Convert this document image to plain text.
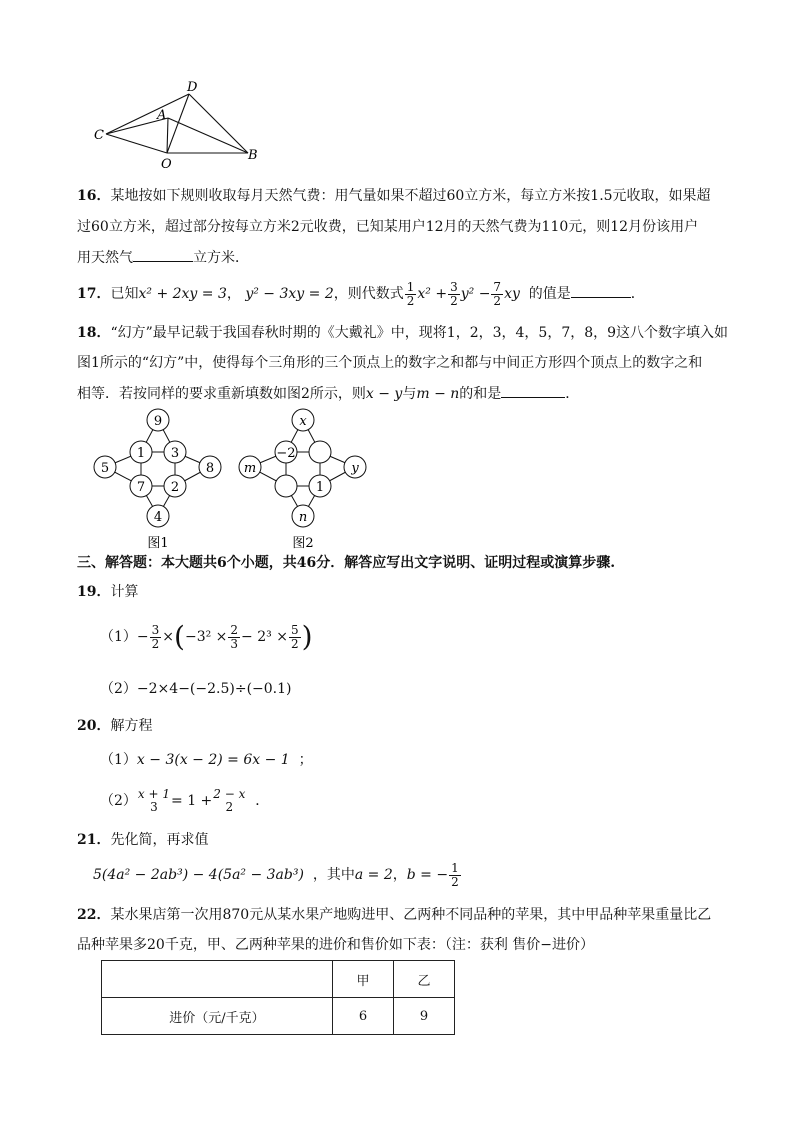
D
A
C
O
B
16．某地按如下规则收取每月天然气费：用气量如果不超过60立方米，每立方米按1.5元收取，如果超
过60立方米，超过部分按每立方米2元收费，已知某用户12月的天然气费为110元，则12月份该用户
用天然气	立方米．
17．已知x² + 2xy = 3， y² − 3xy = 2，则代数式 $\frac{1}{2} x^2 + \frac{3}{2} y^2 - \frac{7}{2}$ xy 的值是	．
18．“幻方”最早记载于我国春秋时期的《大戴礼》中，现将1，2，3，4，5，7，8，9这八个数字填入如
图1所示的“幻方”中，使得每个三角形的三个顶点上的数字之和都与中间正方形四个顶点上的数字之和
相等．若按同样的要求重新填数如图2所示，则x − y与m − n的和是	．
9
1 3
5	8
7 2
4
图1
x
−2
m	y
1
n
图2
三、解答题：本大题共6个小题，共46分．解答应写出文字说明、证明过程或演算步骤.
19．计算
$(1)- \frac{3}{2} \times(-3^2 \times \frac{2}{3} - 2^3 \times \frac{5}{2}$ )
（2）−2×4−(−2.5)÷(−0.1)
20．解方程
（1）x − 3(x − 2) = 6x − 1 ；
（2） x + 1
3 = 1 + 2 − x
2 ．
21．先化简，再求值
5(4a² − 2ab³) − 4(5a² − 3ab³) ，其中a = 2，b = − $\frac{1}{2}$
22．某水果店第一次用870元从某水果产地购进甲、乙两种不同品种的苹果，其中甲品种苹果重量比乙
品种苹果多20千克，甲、乙两种苹果的进价和售价如下表：（注：获利 售价−进价）
	甲	乙
进价（元/千克）	6	9
